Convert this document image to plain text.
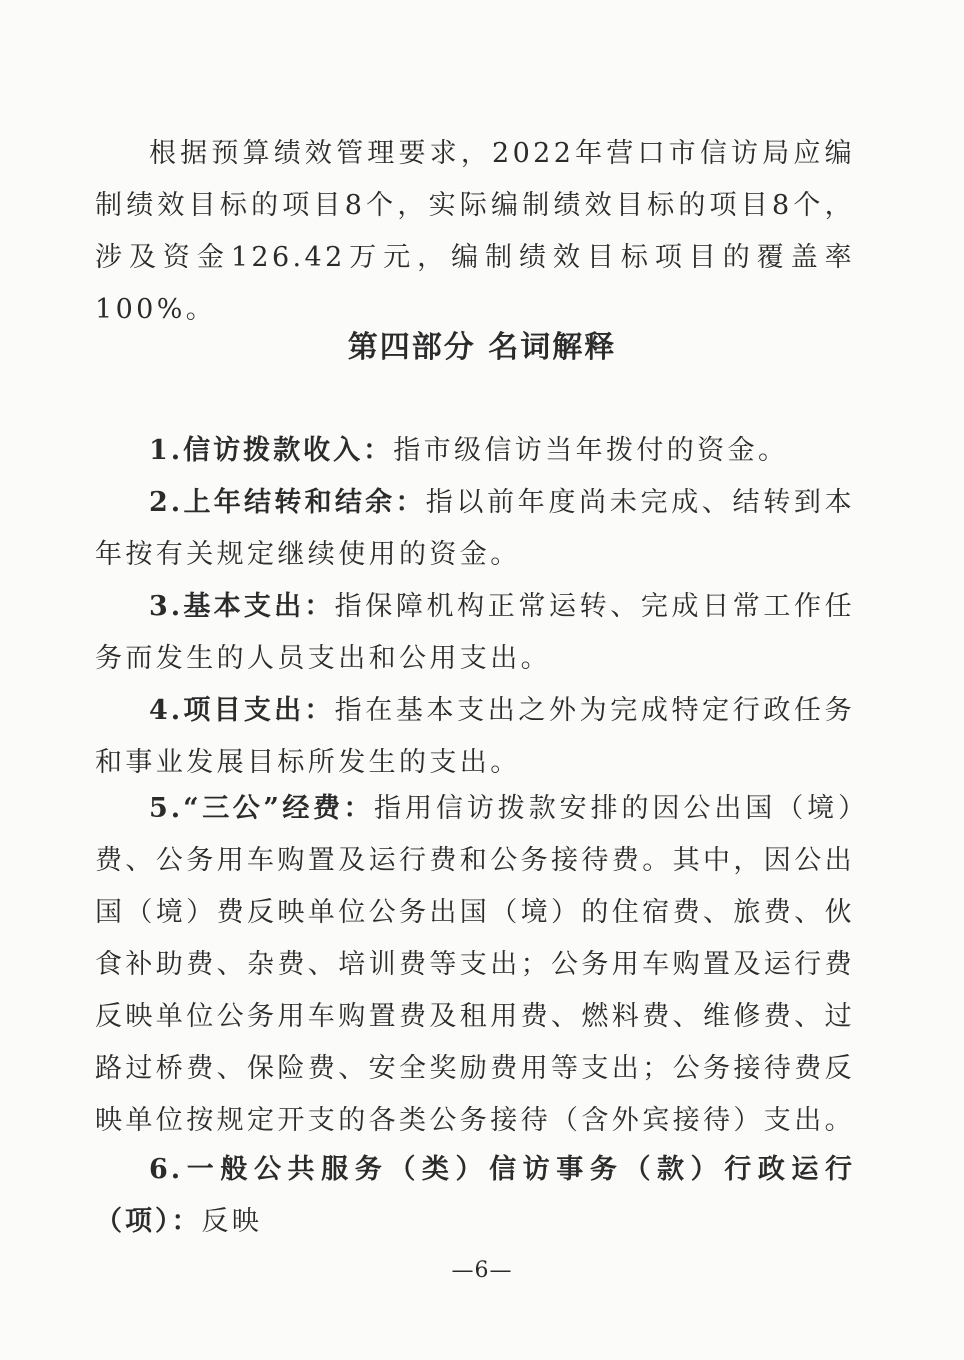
根据预算绩效管理要求，2022年营口市信访局应编制绩效目标的项目8个，实际编制绩效目标的项目8个，涉及资金126.42万元，编制绩效目标项目的覆盖率100%。

第四部分 名词解释

1.信访拨款收入：指市级信访当年拨付的资金。

2.上年结转和结余：指以前年度尚未完成、结转到本年按有关规定继续使用的资金。

3.基本支出：指保障机构正常运转、完成日常工作任务而发生的人员支出和公用支出。

4.项目支出：指在基本支出之外为完成特定行政任务和事业发展目标所发生的支出。

5.“三公”经费：指用信访拨款安排的因公出国（境）费、公务用车购置及运行费和公务接待费。其中，因公出国（境）费反映单位公务出国（境）的住宿费、旅费、伙食补助费、杂费、培训费等支出；公务用车购置及运行费反映单位公务用车购置费及租用费、燃料费、维修费、过路过桥费、保险费、安全奖励费用等支出；公务接待费反映单位按规定开支的各类公务接待（含外宾接待）支出。

6.一般公共服务（类）信访事务（款）行政运行（项）：反映

—6—
